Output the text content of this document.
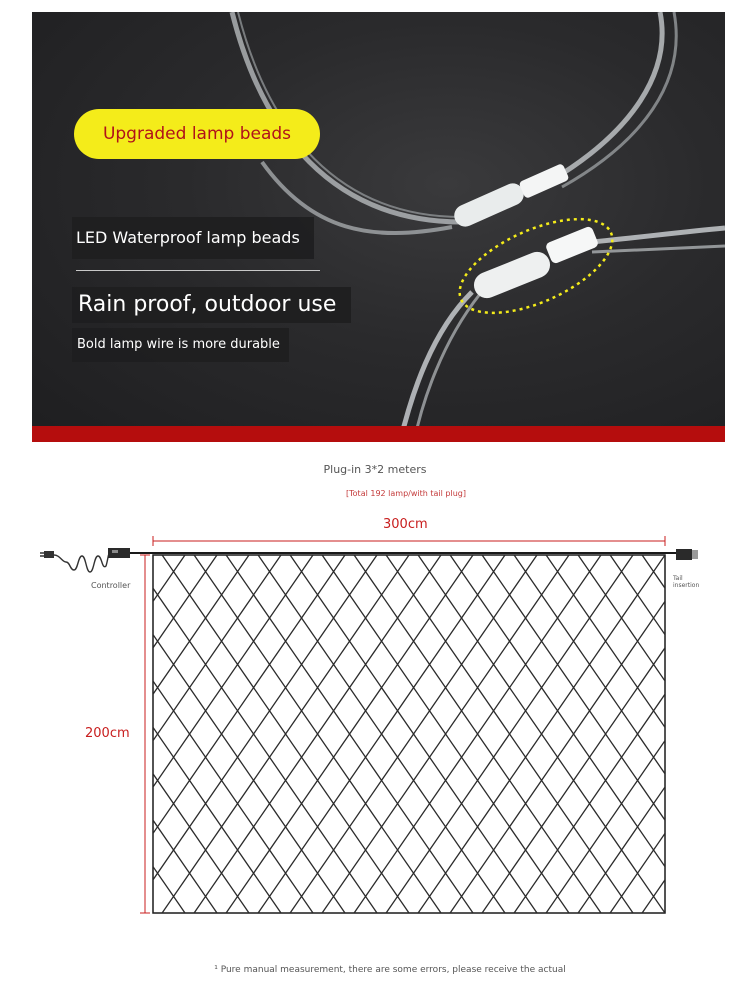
Upgraded lamp beads
LED Waterproof lamp beads
Rain proof, outdoor use
Bold lamp wire is more durable
Plug-in 3*2 meters
[Total 192 lamp/with tail plug]
300cm
200cm
Controller
Tail
insertion
¹ Pure manual measurement, there are some errors, please receive the actual
